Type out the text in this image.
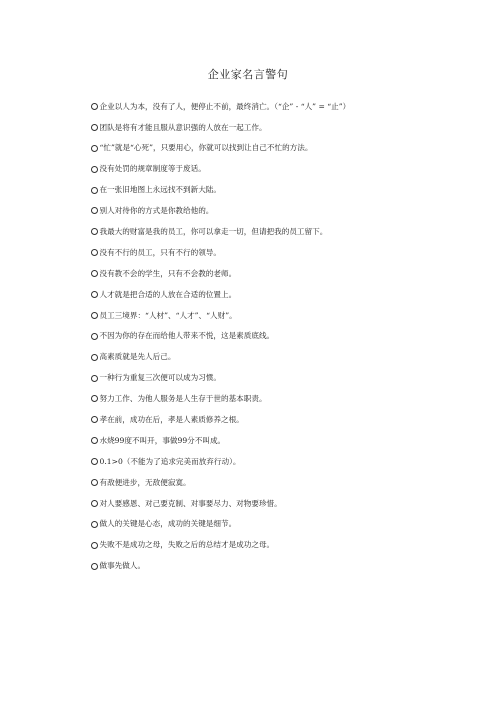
企业家名言警句
企业以人为本，没有了人，便停止不前，最终消亡。（“企” - “人” = “止”）
团队是将有才能且服从意识强的人放在一起工作。
“忙”就是“心死”，只要用心，你就可以找到让自己不忙的方法。
没有处罚的规章制度等于废话。
在一张旧地图上永远找不到新大陆。
别人对待你的方式是你教给他的。
我最大的财富是我的员工，你可以拿走一切，但请把我的员工留下。
没有不行的员工，只有不行的领导。
没有教不会的学生，只有不会教的老师。
人才就是把合适的人放在合适的位置上。
员工三境界：“人材”、“人才”、“人财”。
不因为你的存在而给他人带来不悦，这是素质底线。
高素质就是先人后己。
一种行为重复三次便可以成为习惯。
努力工作、为他人服务是人生存于世的基本职责。
孝在前，成功在后，孝是人素质修养之根。
水烧99度不叫开，事做99分不叫成。
0.1>0（不能为了追求完美而放弃行动）。
有敌便进步，无敌便寂寞。
对人要感恩、对己要克制、对事要尽力、对物要珍惜。
做人的关键是心态，成功的关键是细节。
失败不是成功之母，失败之后的总结才是成功之母。
做事先做人。
